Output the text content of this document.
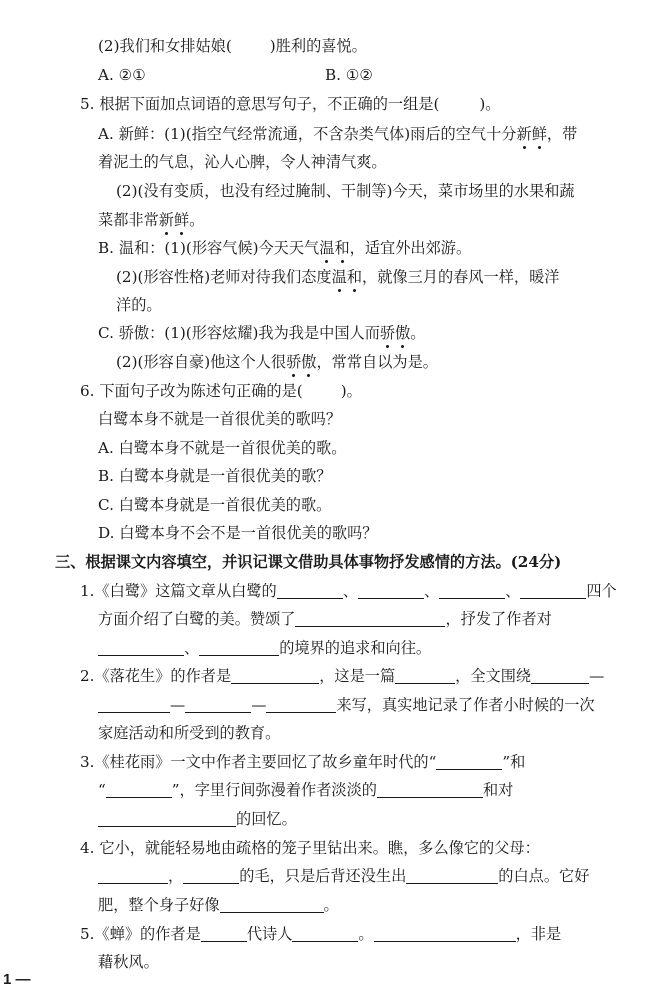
(2)我们和女排姑娘(	)胜利的喜悦。
A. ②①	B. ①②
5. 根据下面加点词语的意思写句子，不正确的一组是(	)。
A. 新鲜：(1)(指空气经常流通，不含杂类气体)雨后的空气十分新鲜，带
着泥土的气息，沁人心脾，令人神清气爽。
(2)(没有变质，也没有经过腌制、干制等)今天，菜市场里的水果和蔬
菜都非常新鲜。
B. 温和：(1)(形容气候)今天天气温和，适宜外出郊游。
(2)(形容性格)老师对待我们态度温和，就像三月的春风一样，暖洋
洋的。
C. 骄傲：(1)(形容炫耀)我为我是中国人而骄傲。
(2)(形容自豪)他这个人很骄傲，常常自以为是。
6. 下面句子改为陈述句正确的是(	)。
白鹭本身不就是一首很优美的歌吗？
A. 白鹭本身不就是一首很优美的歌。
B. 白鹭本身就是一首很优美的歌？
C. 白鹭本身就是一首很优美的歌。
D. 白鹭本身不会不是一首很优美的歌吗？
三、根据课文内容填空，并识记课文借助具体事物抒发感情的方法。(24分)
1.《白鹭》这篇文章从白鹭的	、	、	、	四个
方面介绍了白鹭的美。赞颂了	，抒发了作者对
、	的境界的追求和向往。
2.《落花生》的作者是	，这是一篇	，全文围绕	—
—	—	来写，真实地记录了作者小时候的一次
家庭活动和所受到的教育。
3.《桂花雨》一文中作者主要回忆了故乡童年时代的“	”和
“	”，字里行间弥漫着作者淡淡的	和对
的回忆。
4. 它小，就能轻易地由疏格的笼子里钻出来。瞧，多么像它的父母：
，	的毛，只是后背还没生出	的白点。它好
肥，整个身子好像	。
5.《蝉》的作者是	代诗人	。	，非是
藉秋风。
1 —
